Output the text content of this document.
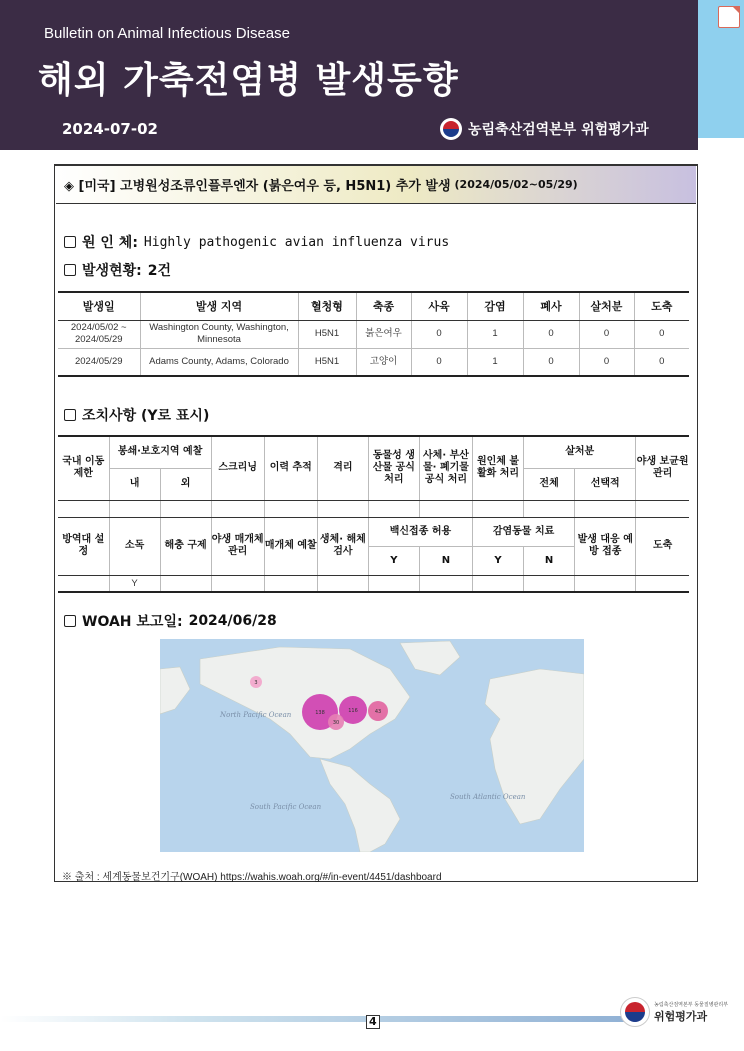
Bulletin on Animal Infectious Disease
해외 가축전염병 발생동향
2024-07-02	농림축산검역본부 위험평가과
◈ [미국] 고병원성조류인플루엔자 (붉은여우 등, H5N1) 추가 발생 (2024/05/02~05/29)
원 인 체: Highly pathogenic avian influenza virus
발생현황: 2건
발생일	발생 지역	혈청형	축종	사육	감염	폐사	살처분	도축
2024/05/02 ~ 2024/05/29	Washington County, Washington, Minnesota	H5N1	붉은여우	0	1	0	0	0
2024/05/29	Adams County, Adams, Colorado	H5N1	고양이	0	1	0	0	0
조치사항 (Y로 표시)
국내 이동 제한	봉쇄·보호지역 예찰		스크리닝	이력 추적	격리	동물성 생산물 공식 처리	사체· 부산물· 폐기물 공식 처리	원인체 불활화 처리	살처분		야생 보균원 관리
	내	외							전체	선택적	

방역대 설정	소독	해충 구제	야생 매개체 관리	매개체 예찰	생체· 해체 검사	백신접종 허용		감염동물 치료		발생 대응 예방 접종	도축
						Y	N	Y	N		
	Y										
WOAH 보고일: 2024/06/28
North Pacific Ocean
South Pacific Ocean
South Atlantic Ocean
3
138	116	43
30
※ 출처 : 세계동물보건기구(WOAH) https://wahis.woah.org/#/in-event/4451/dashboard
4
농림축산검역본부 동물질병관리부
위험평가과
